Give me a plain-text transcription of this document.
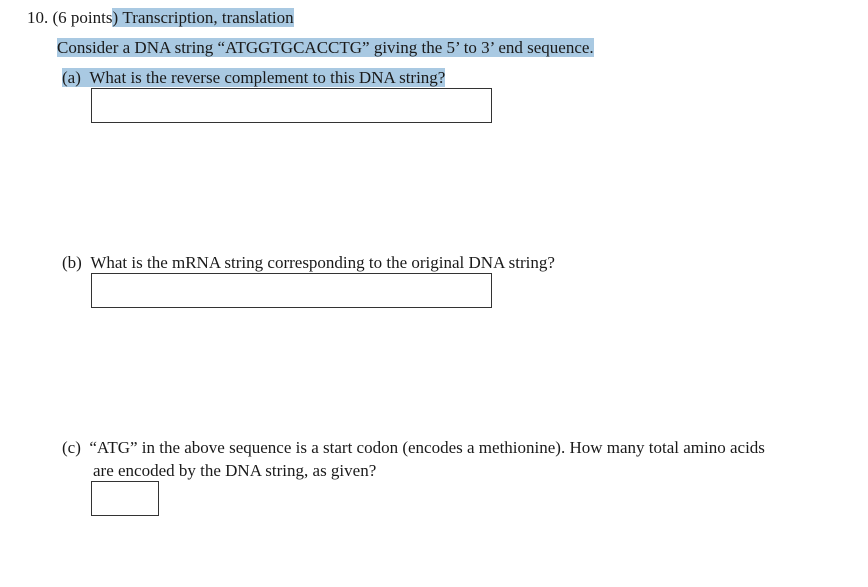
10. (6 points) Transcription, translation
Consider a DNA string “ATGGTGCACCTG” giving the 5’ to 3’ end sequence.
(a) What is the reverse complement to this DNA string?
(b) What is the mRNA string corresponding to the original DNA string?
(c) “ATG” in the above sequence is a start codon (encodes a methionine). How many total amino acids
are encoded by the DNA string, as given?
